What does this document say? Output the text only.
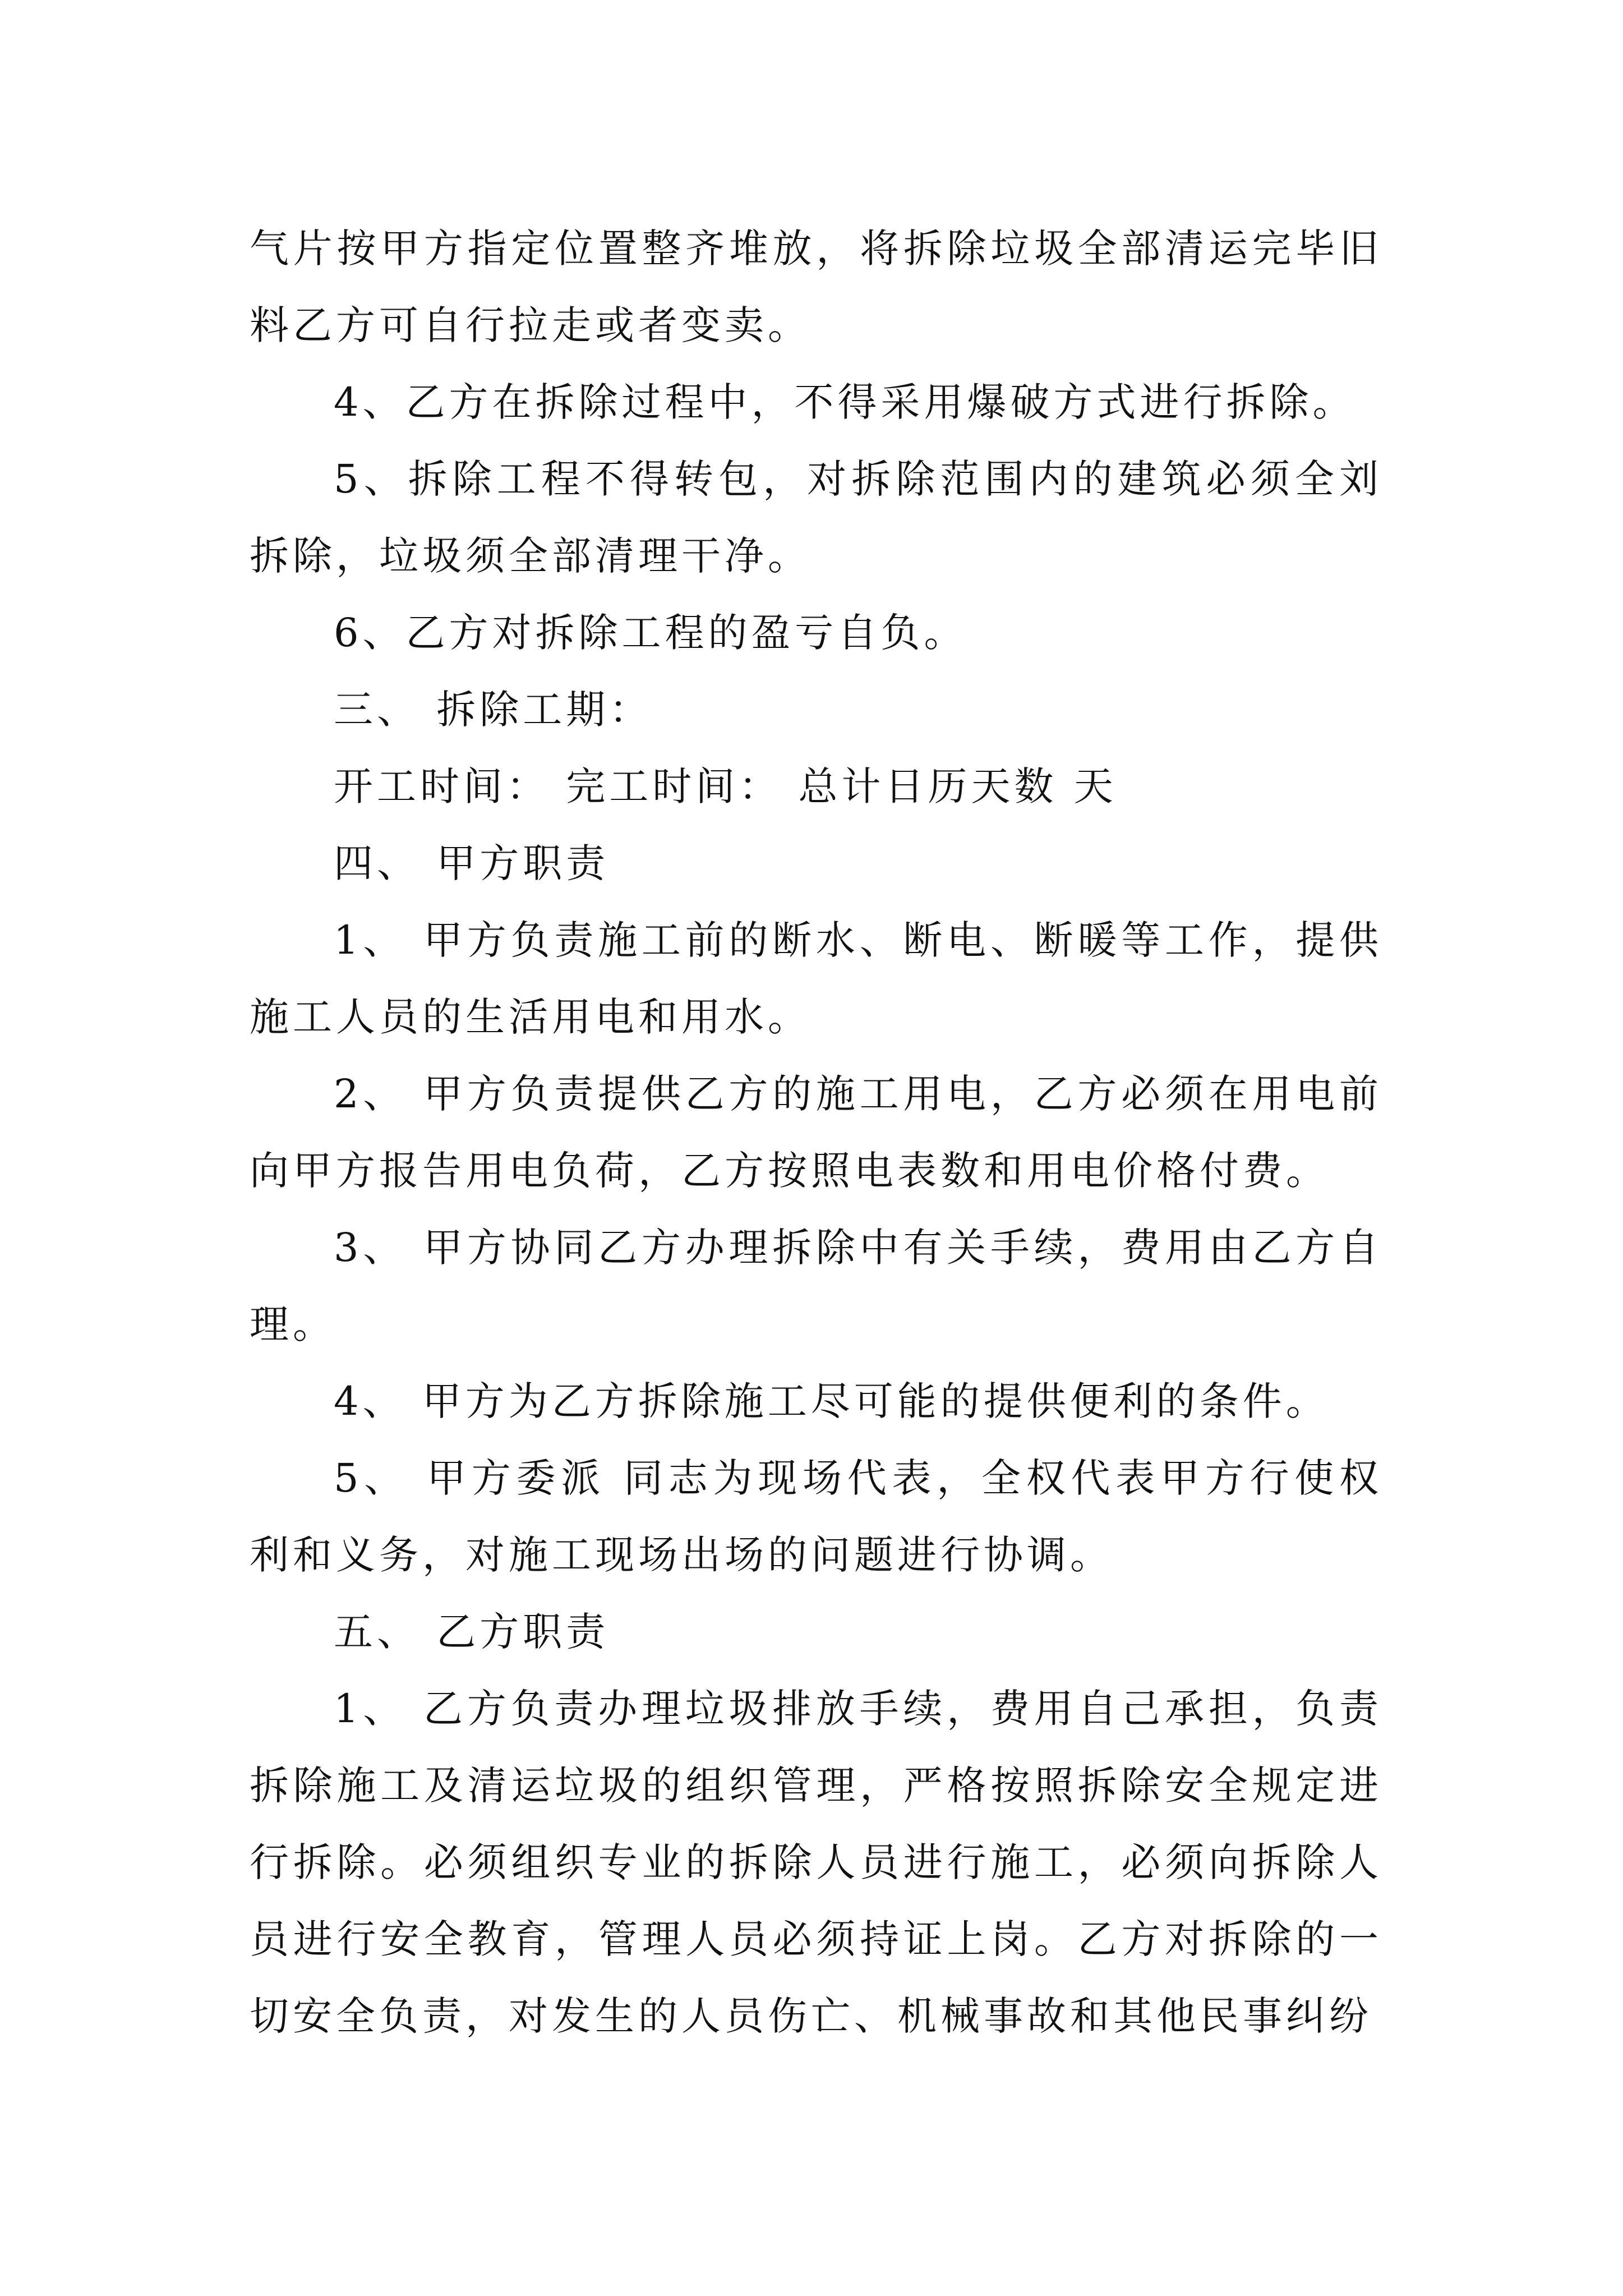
气片按甲方指定位置整齐堆放，将拆除垃圾全部清运完毕旧料乙方可自行拉走或者变卖。

4、乙方在拆除过程中，不得采用爆破方式进行拆除。

5、拆除工程不得转包，对拆除范围内的建筑必须全刘拆除，垃圾须全部清理干净。

6、乙方对拆除工程的盈亏自负。

三、 拆除工期：

开工时间： 完工时间： 总计日历天数 天

四、 甲方职责

1、 甲方负责施工前的断水、断电、断暖等工作，提供施工人员的生活用电和用水。

2、 甲方负责提供乙方的施工用电，乙方必须在用电前向甲方报告用电负荷，乙方按照电表数和用电价格付费。

3、 甲方协同乙方办理拆除中有关手续，费用由乙方自理。

4、 甲方为乙方拆除施工尽可能的提供便利的条件。

5、 甲方委派 同志为现场代表，全权代表甲方行使权利和义务，对施工现场出场的问题进行协调。

五、 乙方职责

1、 乙方负责办理垃圾排放手续，费用自己承担，负责拆除施工及清运垃圾的组织管理，严格按照拆除安全规定进行拆除。必须组织专业的拆除人员进行施工，必须向拆除人员进行安全教育，管理人员必须持证上岗。乙方对拆除的一切安全负责，对发生的人员伤亡、机械事故和其他民事纠纷
